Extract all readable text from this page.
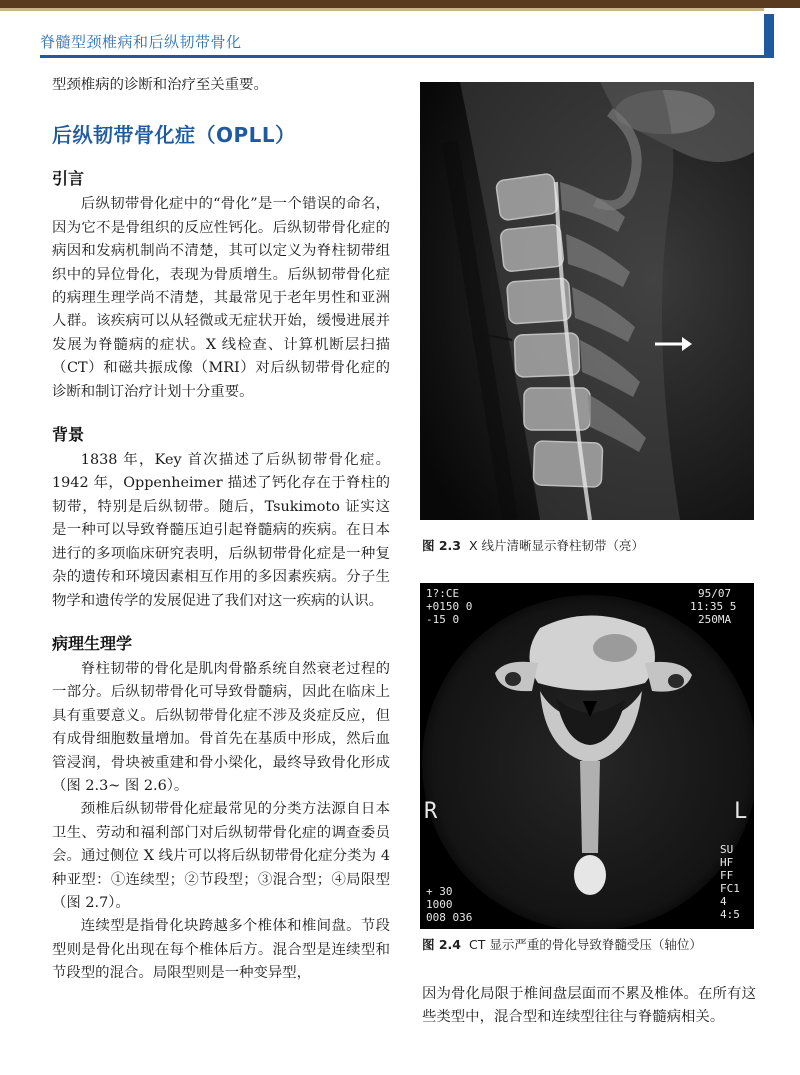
脊髓型颈椎病和后纵韧带骨化

型颈椎病的诊断和治疗至关重要。

后纵韧带骨化症（OPLL）
引言

后纵韧带骨化症中的“骨化”是一个错误的命名，因为它不是骨组织的反应性钙化。后纵韧带骨化症的病因和发病机制尚不清楚，其可以定义为脊柱韧带组织中的异位骨化，表现为骨质增生。后纵韧带骨化症的病理生理学尚不清楚，其最常见于老年男性和亚洲人群。该疾病可以从轻微或无症状开始，缓慢进展并发展为脊髓病的症状。X 线检查、计算机断层扫描（CT）和磁共振成像（MRI）对后纵韧带骨化症的诊断和制订治疗计划十分重要。

背景

1838 年，Key 首次描述了后纵韧带骨化症。1942 年，Oppenheimer 描述了钙化存在于脊柱的韧带，特别是后纵韧带。随后，Tsukimoto 证实这是一种可以导致脊髓压迫引起脊髓病的疾病。在日本进行的多项临床研究表明，后纵韧带骨化症是一种复杂的遗传和环境因素相互作用的多因素疾病。分子生物学和遗传学的发展促进了我们对这一疾病的认识。

病理生理学

脊柱韧带的骨化是肌肉骨骼系统自然衰老过程的一部分。后纵韧带骨化可导致骨髓病，因此在临床上具有重要意义。后纵韧带骨化症不涉及炎症反应，但有成骨细胞数量增加。骨首先在基质中形成，然后血管浸润，骨块被重建和骨小梁化，最终导致骨化形成（图 2.3~ 图 2.6）。

颈椎后纵韧带骨化症最常见的分类方法源自日本卫生、劳动和福利部门对后纵韧带骨化症的调查委员会。通过侧位 X 线片可以将后纵韧带骨化症分类为 4 种亚型：①连续型；②节段型；③混合型；④局限型（图 2.7）。

连续型是指骨化块跨越多个椎体和椎间盘。节段型则是骨化出现在每个椎体后方。混合型是连续型和节段型的混合。局限型则是一种变异型，

图 2.3 X 线片清晰显示脊柱韧带（亮）
1?:CE
+0150 0
-15 0
95/07
11:35 5
250MA
+ 30
1000
008 036
SU
HF
FF
FC1
4
4:5
R	L
图 2.4 CT 显示严重的骨化导致脊髓受压（轴位）

因为骨化局限于椎间盘层面而不累及椎体。在所有这些类型中，混合型和连续型往往与脊髓病相关。
